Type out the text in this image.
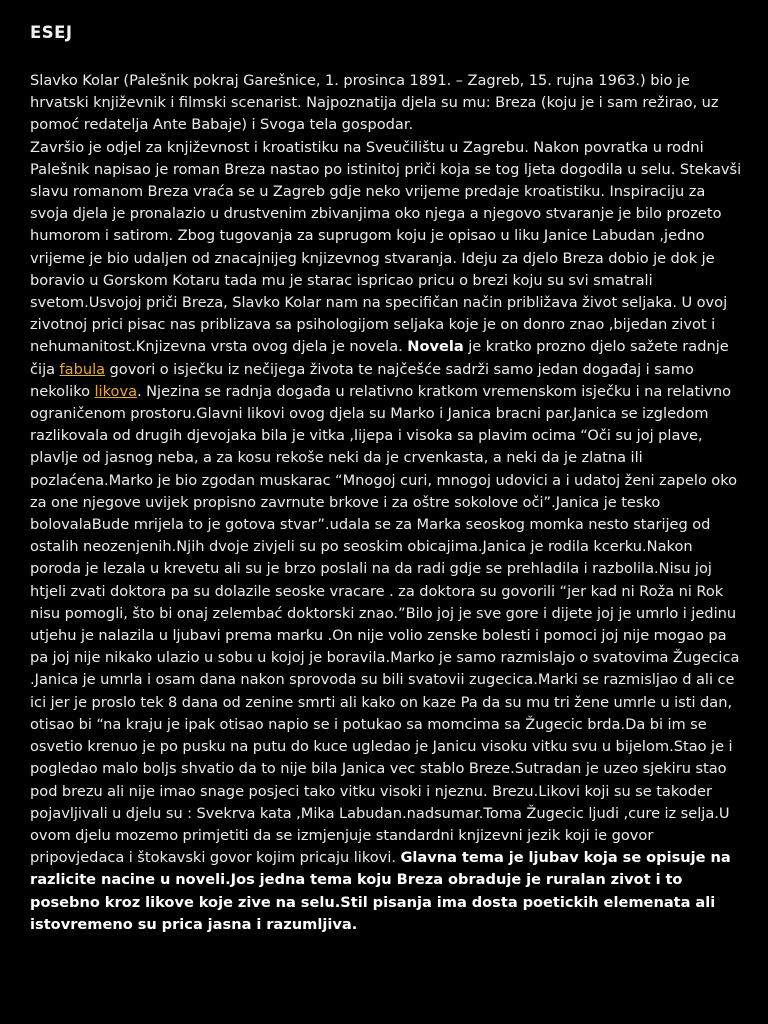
ESEJ

Slavko Kolar (Palešnik pokraj Garešnice, 1. prosinca 1891. – Zagreb, 15. rujna 1963.) bio je hrvatski književnik i filmski scenarist. Najpoznatija djela su mu: Breza (koju je i sam režirao, uz pomoć redatelja Ante Babaje) i Svoga tela gospodar.
Završio je odjel za književnost i kroatistiku na Sveučilištu u Zagrebu. Nakon povratka u rodni Palešnik napisao je roman Breza nastao po istinitoj priči koja se tog ljeta dogodila u selu. Stekavši slavu romanom Breza vraća se u Zagreb gdje neko vrijeme predaje kroatistiku. Inspiraciju za svoja djela je pronalazio u drustvenim zbivanjima oko njega a njegovo stvaranje je bilo prozeto humorom i satirom. Zbog tugovanja za suprugom koju je opisao u liku Janice Labudan ,jedno vrijeme je bio udaljen od znacajnijeg knjizevnog stvaranja. Ideju za djelo Breza dobio je dok je boravio u Gorskom Kotaru tada mu je starac ispricao pricu o brezi koju su svi smatrali svetom.Usvojoj priči Breza, Slavko Kolar nam na specifičan način približava život seljaka. U ovoj zivotnoj prici pisac nas priblizava sa psihologijom seljaka koje je on donro znao ,bijedan zivot i nehumanitost.Knjizevna vrsta ovog djela je novela. Novela je kratko prozno djelo sažete radnje čija fabula govori o isječku iz nečijega života te najčešće sadrži samo jedan događaj i samo nekoliko likova. Njezina se radnja događa u relativno kratkom vremenskom isječku i na relativno ograničenom prostoru.Glavni likovi ovog djela su Marko i Janica bracni par.Janica se izgledom razlikovala od drugih djevojaka bila je vitka ,lijepa i visoka sa plavim ocima “Oči su joj plave, plavlje od jasnog neba, a za kosu rekoše neki da je crvenkasta, a neki da je zlatna ili pozlaćena.Marko je bio zgodan muskarac “Mnogoj curi, mnogoj udovici a i udatoj ženi zapelo oko za one njegove uvijek propisno zavrnute brkove i za oštre sokolove oči”.Janica je tesko bolovalaBude mrijela to je gotova stvar”.udala se za Marka seoskog momka nesto starijeg od ostalih neozenjenih.Njih dvoje zivjeli su po seoskim obicajima.Janica je rodila kcerku.Nakon poroda je lezala u krevetu ali su je brzo poslali na da radi gdje se prehladila i razbolila.Nisu joj htjeli zvati doktora pa su dolazile seoske vracare . za doktora su govorili “jer kad ni Roža ni Rok nisu pomogli, što bi onaj zelembać doktorski znao.”Bilo joj je sve gore i dijete joj je umrlo i jedinu utjehu je nalazila u ljubavi prema marku .On nije volio zenske bolesti i pomoci joj nije mogao pa pa joj nije nikako ulazio u sobu u kojoj je boravila.Marko je samo razmislajo o svatovima Žugecica .Janica je umrla i osam dana nakon sprovoda su bili svatovii zugecica.Marki se razmisljao d ali ce ici jer je proslo tek 8 dana od zenine smrti ali kako on kaze Pa da su mu tri žene umrle u isti dan, otisao bi “na kraju je ipak otisao napio se i potukao sa momcima sa Žugecic brda.Da bi im se osvetio krenuo je po pusku na putu do kuce ugledao je Janicu visoku vitku svu u bijelom.Stao je i pogledao malo boljs shvatio da to nije bila Janica vec stablo Breze.Sutradan je uzeo sjekiru stao pod brezu ali nije imao snage posjeci tako vitku visoki i njeznu. Brezu.Likovi koji su se takoder pojavljivali u djelu su : Svekrva kata ,Mika Labudan.nadsumar.Toma Žugecic ljudi ,cure iz selja.U ovom djelu mozemo primjetiti da se izmjenjuje standardni knjizevni jezik koji ie govor pripovjedaca i štokavski govor kojim pricaju likovi. Glavna tema je ljubav koja se opisuje na razlicite nacine u noveli.Jos jedna tema koju Breza obraduje je ruralan zivot i to posebno kroz likove koje zive na selu.Stil pisanja ima dosta poetickih elemenata ali istovremeno su prica jasna i razumljiva.
